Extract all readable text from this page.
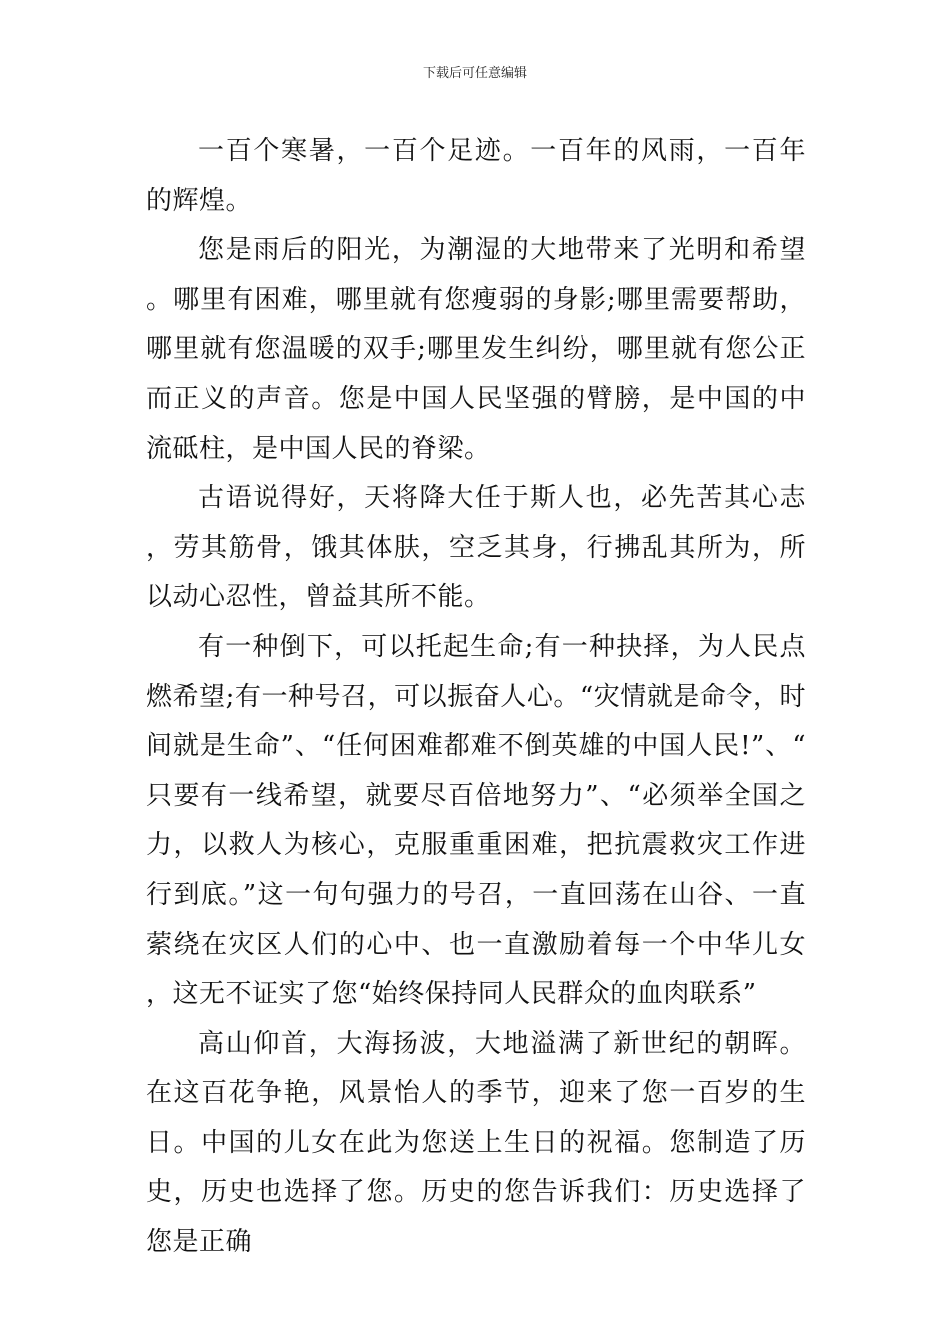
下载后可任意编辑

一百个寒暑，一百个足迹。一百年的风雨，一百年的辉煌。

您是雨后的阳光，为潮湿的大地带来了光明和希望。哪里有困难，哪里就有您瘦弱的身影;哪里需要帮助，哪里就有您温暖的双手;哪里发生纠纷，哪里就有您公正而正义的声音。您是中国人民坚强的臂膀，是中国的中流砥柱，是中国人民的脊梁。

古语说得好，天将降大任于斯人也，必先苦其心志，劳其筋骨，饿其体肤，空乏其身，行拂乱其所为，所以动心忍性，曾益其所不能。

有一种倒下，可以托起生命;有一种抉择，为人民点燃希望;有一种号召，可以振奋人心。“灾情就是命令，时间就是生命”、“任何困难都难不倒英雄的中国人民!”、“只要有一线希望，就要尽百倍地努力”、“必须举全国之力，以救人为核心，克服重重困难，把抗震救灾工作进行到底。”这一句句强力的号召，一直回荡在山谷、一直萦绕在灾区人们的心中、也一直激励着每一个中华儿女，这无不证实了您“始终保持同人民群众的血肉联系”

高山仰首，大海扬波，大地溢满了新世纪的朝晖。在这百花争艳，风景怡人的季节，迎来了您一百岁的生日。中国的儿女在此为您送上生日的祝福。您制造了历史，历史也选择了您。历史的您告诉我们：历史选择了您是正确
